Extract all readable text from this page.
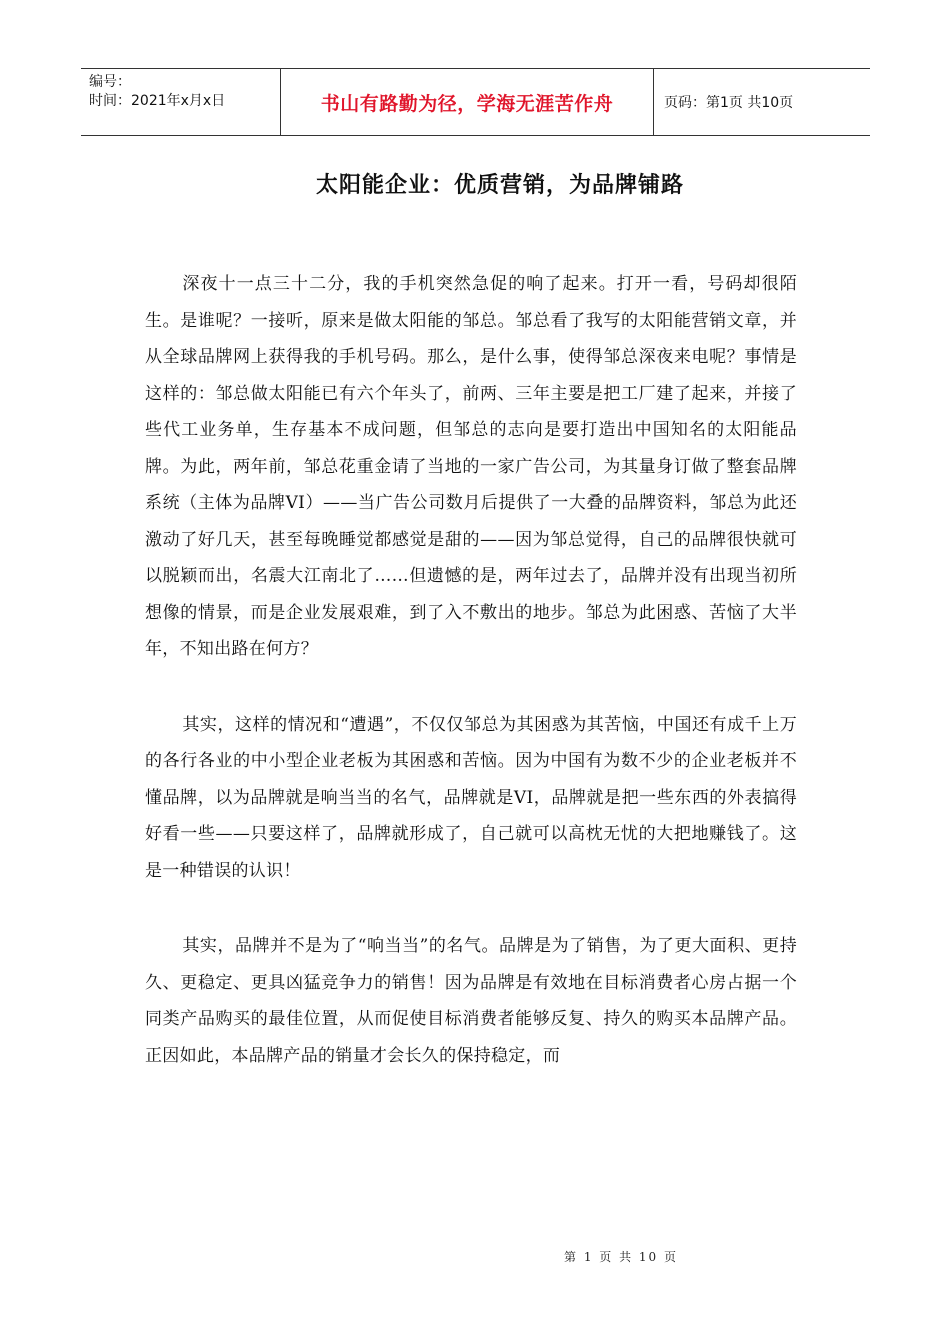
编号：
时间：2021年x月x日	书山有路勤为径，学海无涯苦作舟	页码：第1页 共10页
太阳能企业：优质营销，为品牌铺路

深夜十一点三十二分，我的手机突然急促的响了起来。打开一看，号码却很陌生。是谁呢？一接听，原来是做太阳能的邹总。邹总看了我写的太阳能营销文章，并从全球品牌网上获得我的手机号码。那么，是什么事，使得邹总深夜来电呢？事情是这样的：邹总做太阳能已有六个年头了，前两、三年主要是把工厂建了起来，并接了些代工业务单，生存基本不成问题，但邹总的志向是要打造出中国知名的太阳能品牌。为此，两年前，邹总花重金请了当地的一家广告公司，为其量身订做了整套品牌系统（主体为品牌VI）——当广告公司数月后提供了一大叠的品牌资料，邹总为此还激动了好几天，甚至每晚睡觉都感觉是甜的——因为邹总觉得，自己的品牌很快就可以脱颖而出，名震大江南北了……但遗憾的是，两年过去了，品牌并没有出现当初所想像的情景，而是企业发展艰难，到了入不敷出的地步。邹总为此困惑、苦恼了大半年，不知出路在何方？

其实，这样的情况和“遭遇”，不仅仅邹总为其困惑为其苦恼，中国还有成千上万的各行各业的中小型企业老板为其困惑和苦恼。因为中国有为数不少的企业老板并不懂品牌，以为品牌就是响当当的名气，品牌就是VI，品牌就是把一些东西的外表搞得好看一些——只要这样了，品牌就形成了，自己就可以高枕无忧的大把地赚钱了。这是一种错误的认识！

其实，品牌并不是为了“响当当”的名气。品牌是为了销售，为了更大面积、更持久、更稳定、更具凶猛竞争力的销售！因为品牌是有效地在目标消费者心房占据一个同类产品购买的最佳位置，从而促使目标消费者能够反复、持久的购买本品牌产品。正因如此，本品牌产品的销量才会长久的保持稳定，而

第 1 页 共 10 页
